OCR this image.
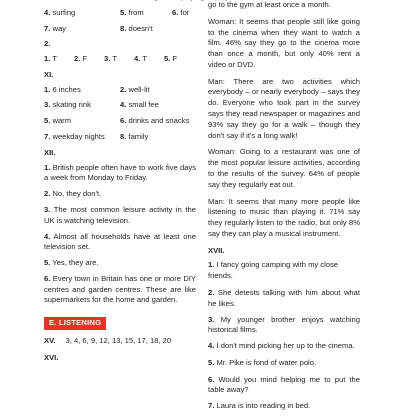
4. surfing	5. from	6. for
7. way	8. doesn't
2.
1. T	2. F	3. T	4. T	5. F
XI.
1. 6 inches	2. well-lit
3. skating rink	4. small fee
5. warm	6. drinks and snacks
7. weekday nights	8. family
XII.

1. British people often have to work five days a week from Monday to Friday.

2. No, they don't.

3. The most common leisure activity in the UK is watching television.

4. Almost all households have at least one television set.

5. Yes, they are.

6. Every town in Britain has one or more DIY centres and garden centres. These are like supermarkets for the home and garden.

E. LISTENING
XV. 3, 4, 6, 9, 12, 13, 15, 17, 18, 20
XVI.
go to the gym at least once a month.

Woman: It seems that people still like going to the cinema when they want to watch a film. 46% say they go to the cinema more than once a month, but only 40% rent a video or DVD.

Man: There are two activities which everybody – or nearly everybody – says they do. Everyone who took part in the survey says they read newspaper or magazines and 93% say they go for a walk – though they don't say if it's a long walk!

Woman: Going to a restaurant was one of the most popular leisure activities, according to the results of the survey. 64% of people say they regularly eat out.

Man: It seems that many more people like listening to music than playing it. 71% say they regularly listen to the radio, but only 8% say they can play a musical instrument.

XVII.

1. I fancy going camping with my close friends.

2. She detests talking with him about what he likes.

3. My younger brother enjoys watching historical films.

4. I don't mind picking her up to the cinema.

5. Mr. Pike is fond of water polo.

6. Would you mind helping me to put the table away?

7. Laura is into reading in bed.
